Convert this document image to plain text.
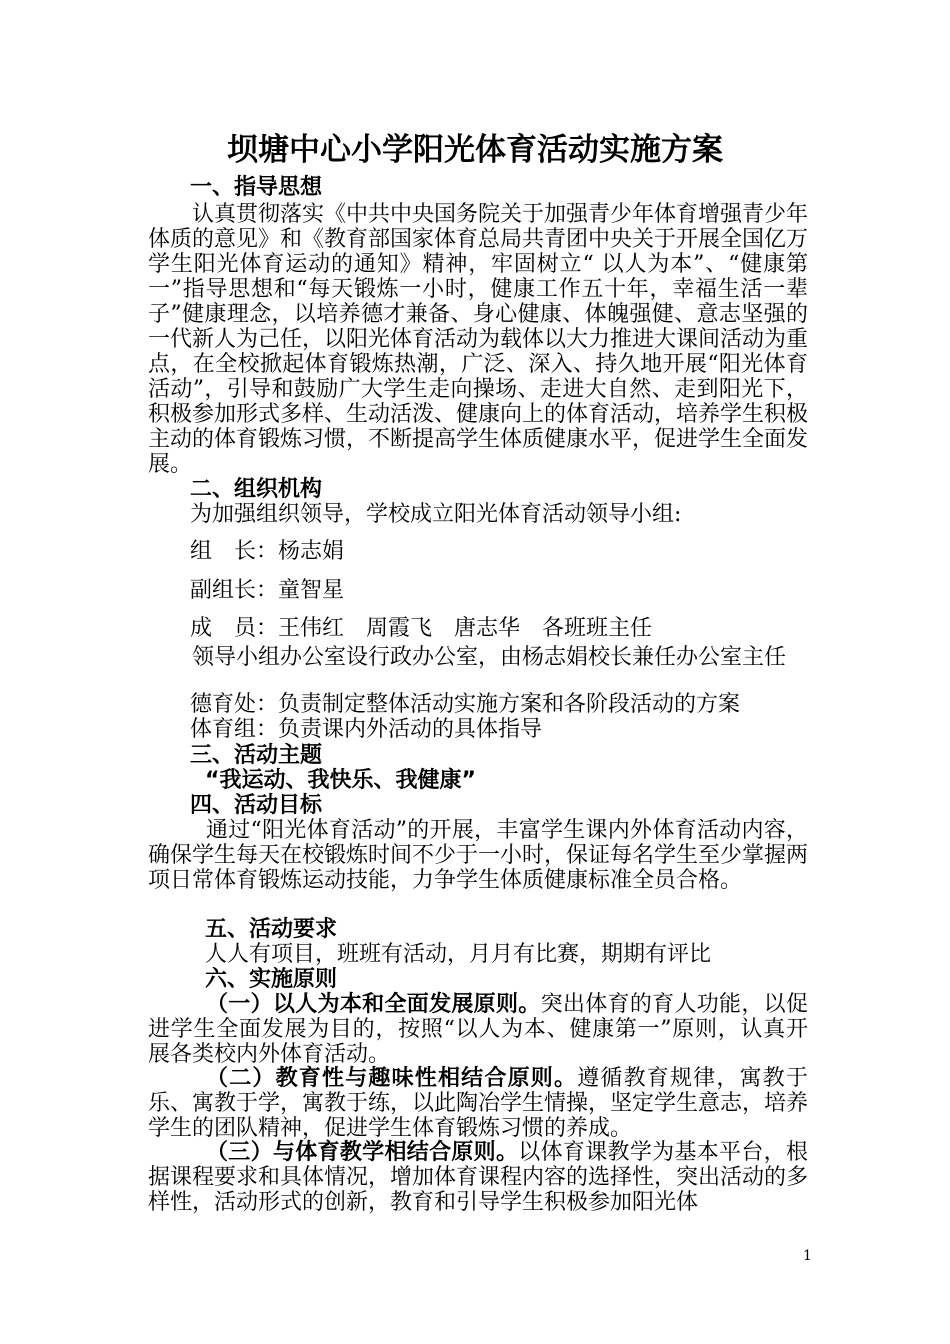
坝塘中心小学阳光体育活动实施方案
一、指导思想
认真贯彻落实《中共中央国务院关于加强青少年体育增强青少年体质的意见》和《教育部国家体育总局共青团中央关于开展全国亿万学生阳光体育运动的通知》精神，牢固树立“ 以人为本”、“健康第一”指导思想和“每天锻炼一小时，健康工作五十年，幸福生活一辈子”健康理念，以培养德才兼备、身心健康、体魄强健、意志坚强的一代新人为己任，以阳光体育活动为载体以大力推进大课间活动为重点，在全校掀起体育锻炼热潮，广泛、深入、持久地开展“阳光体育活动”，引导和鼓励广大学生走向操场、走进大自然、走到阳光下，积极参加形式多样、生动活泼、健康向上的体育活动，培养学生积极主动的体育锻炼习惯，不断提高学生体质健康水平，促进学生全面发展。
二、组织机构
为加强组织领导，学校成立阳光体育活动领导小组:
组　长：杨志娟
副组长：童智星
成　员：王伟红　周霞飞　唐志华　各班班主任
领导小组办公室设行政办公室，由杨志娟校长兼任办公室主任
德育处：负责制定整体活动实施方案和各阶段活动的方案
体育组：负责课内外活动的具体指导
三、活动主题
“我运动、我快乐、我健康”
四、活动目标
通过“阳光体育活动”的开展，丰富学生课内外体育活动内容，确保学生每天在校锻炼时间不少于一小时，保证每名学生至少掌握两项日常体育锻炼运动技能，力争学生体质健康标准全员合格。
五、活动要求
人人有项目，班班有活动，月月有比赛，期期有评比
六、实施原则
（一）以人为本和全面发展原则。突出体育的育人功能，以促进学生全面发展为目的，按照“以人为本、健康第一”原则，认真开展各类校内外体育活动。
（二）教育性与趣味性相结合原则。遵循教育规律，寓教于乐、寓教于学，寓教于练，以此陶冶学生情操，坚定学生意志，培养学生的团队精神，促进学生体育锻炼习惯的养成。
（三）与体育教学相结合原则。以体育课教学为基本平台，根据课程要求和具体情况，增加体育课程内容的选择性，突出活动的多样性，活动形式的创新，教育和引导学生积极参加阳光体
1
